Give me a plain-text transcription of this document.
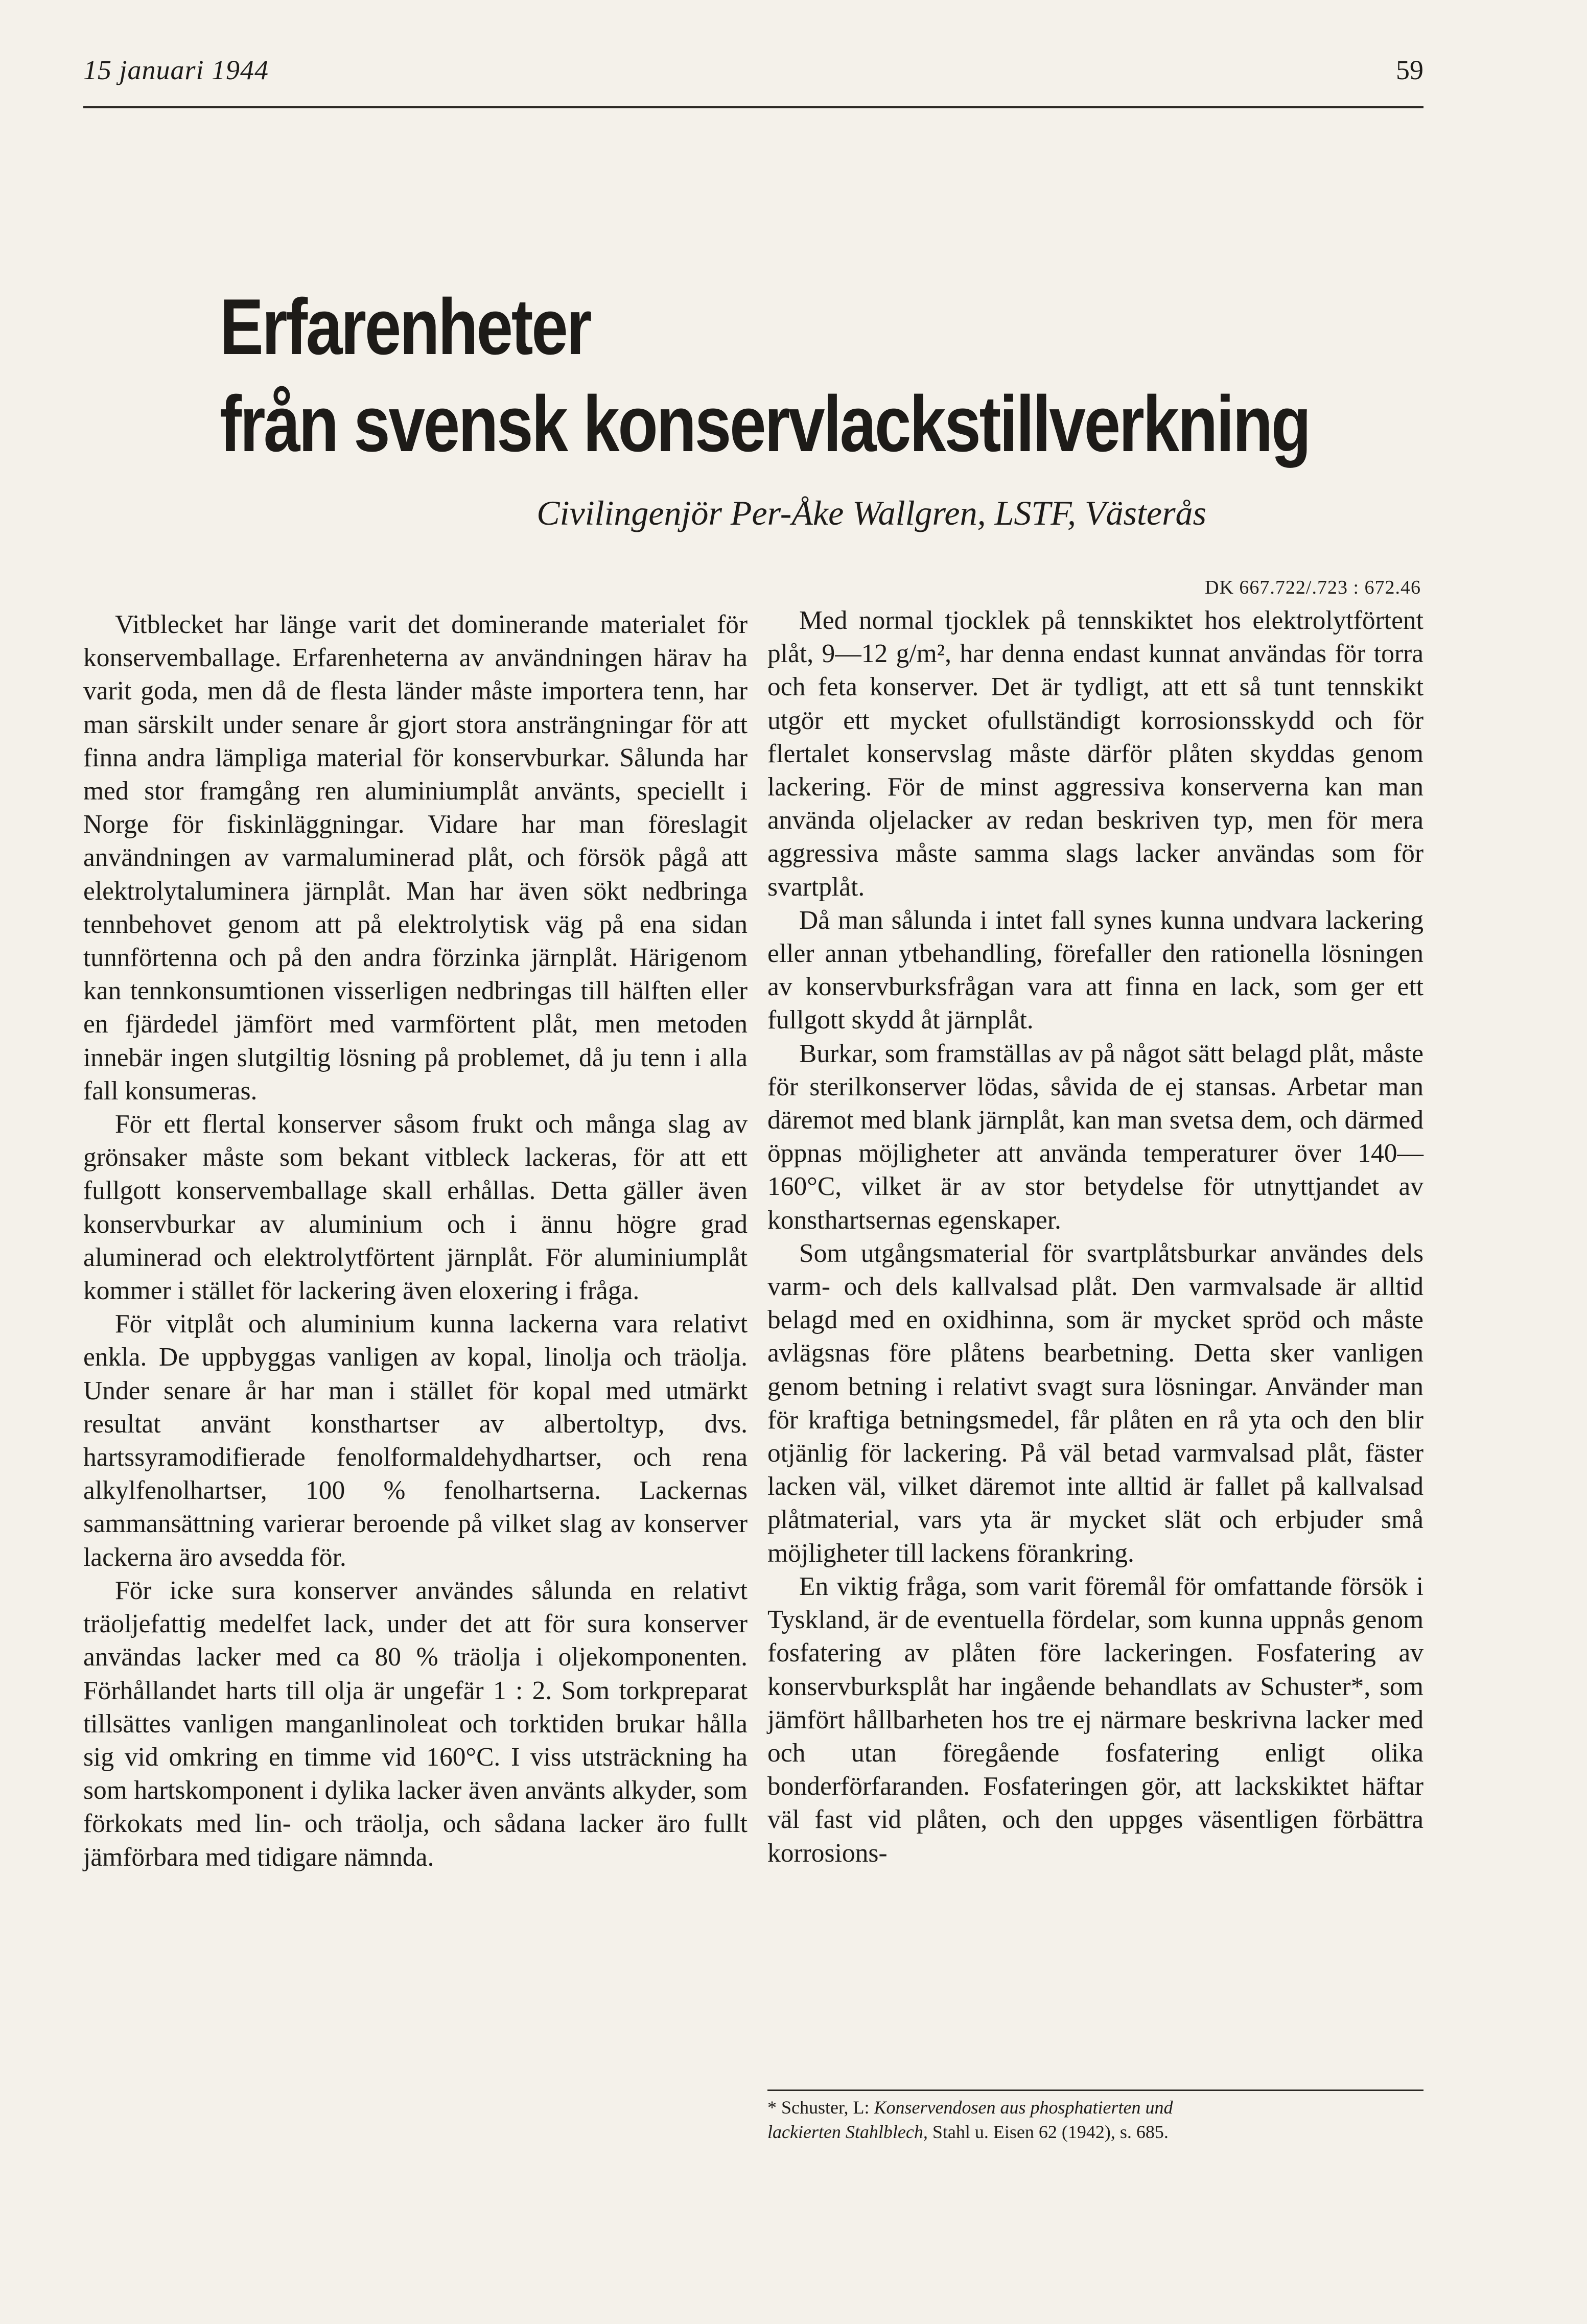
15 januari 1944	59
Erfarenheter
från svensk konservlackstillverkning
Civilingenjör Per-Åke Wallgren, LSTF, Västerås
DK 667.722/.723 : 672.46

Vitblecket har länge varit det dominerande materialet för konservemballage. Erfarenheterna av användningen härav ha varit goda, men då de flesta länder måste importera tenn, har man särskilt under senare år gjort stora ansträngningar för att finna andra lämpliga material för konservburkar. Sålunda har med stor framgång ren aluminiumplåt använts, speciellt i Norge för fiskinläggningar. Vidare har man föreslagit användningen av varmaluminerad plåt, och försök pågå att elektrolytaluminera järnplåt. Man har även sökt nedbringa tennbehovet genom att på elektrolytisk väg på ena sidan tunnförtenna och på den andra förzinka järnplåt. Härigenom kan tennkonsumtionen visserligen nedbringas till hälften eller en fjärdedel jämfört med varmförtent plåt, men metoden innebär ingen slutgiltig lösning på problemet, då ju tenn i alla fall konsumeras.

För ett flertal konserver såsom frukt och många slag av grönsaker måste som bekant vitbleck lackeras, för att ett fullgott konservemballage skall erhållas. Detta gäller även konservburkar av aluminium och i ännu högre grad aluminerad och elektrolytförtent järnplåt. För aluminiumplåt kommer i stället för lackering även eloxering i fråga.

För vitplåt och aluminium kunna lackerna vara relativt enkla. De uppbyggas vanligen av kopal, linolja och träolja. Under senare år har man i stället för kopal med utmärkt resultat använt konsthartser av albertoltyp, dvs. hartssyramodifierade fenolformaldehydhartser, och rena alkylfenolhartser, 100 % fenolhartserna. Lackernas sammansättning varierar beroende på vilket slag av konserver lackerna äro avsedda för.

För icke sura konserver användes sålunda en relativt träoljefattig medelfet lack, under det att för sura konserver användas lacker med ca 80 % träolja i oljekomponenten. Förhållandet harts till olja är ungefär 1 : 2. Som torkpreparat tillsättes vanligen manganlinoleat och torktiden brukar hålla sig vid omkring en timme vid 160°C. I viss utsträckning ha som hartskomponent i dylika lacker även använts alkyder, som förkokats med lin- och träolja, och sådana lacker äro fullt jämförbara med tidigare nämnda.

Med normal tjocklek på tennskiktet hos elektrolytförtent plåt, 9—12 g/m², har denna endast kunnat användas för torra och feta konserver. Det är tydligt, att ett så tunt tennskikt utgör ett mycket ofullständigt korrosionsskydd och för flertalet konservslag måste därför plåten skyddas genom lackering. För de minst aggressiva konserverna kan man använda oljelacker av redan beskriven typ, men för mera aggressiva måste samma slags lacker användas som för svartplåt.

Då man sålunda i intet fall synes kunna undvara lackering eller annan ytbehandling, förefaller den rationella lösningen av konservburksfrågan vara att finna en lack, som ger ett fullgott skydd åt järnplåt.

Burkar, som framställas av på något sätt belagd plåt, måste för sterilkonserver lödas, såvida de ej stansas. Arbetar man däremot med blank järnplåt, kan man svetsa dem, och därmed öppnas möjligheter att använda temperaturer över 140—160°C, vilket är av stor betydelse för utnyttjandet av konsthartsernas egenskaper.

Som utgångsmaterial för svartplåtsburkar användes dels varm- och dels kallvalsad plåt. Den varmvalsade är alltid belagd med en oxidhinna, som är mycket spröd och måste avlägsnas före plåtens bearbetning. Detta sker vanligen genom betning i relativt svagt sura lösningar. Använder man för kraftiga betningsmedel, får plåten en rå yta och den blir otjänlig för lackering. På väl betad varmvalsad plåt, fäster lacken väl, vilket däremot inte alltid är fallet på kallvalsad plåtmaterial, vars yta är mycket slät och erbjuder små möjligheter till lackens förankring.

En viktig fråga, som varit föremål för omfattande försök i Tyskland, är de eventuella fördelar, som kunna uppnås genom fosfatering av plåten före lackeringen. Fosfatering av konservburksplåt har ingående behandlats av Schuster*, som jämfört hållbarheten hos tre ej närmare beskrivna lacker med och utan föregående fosfatering enligt olika bonderförfaranden. Fosfateringen gör, att lackskiktet häftar väl fast vid plåten, och den uppges väsentligen förbättra korrosions-

* Schuster, L: Konservendosen aus phosphatierten und
lackierten Stahlblech, Stahl u. Eisen 62 (1942), s. 685.
